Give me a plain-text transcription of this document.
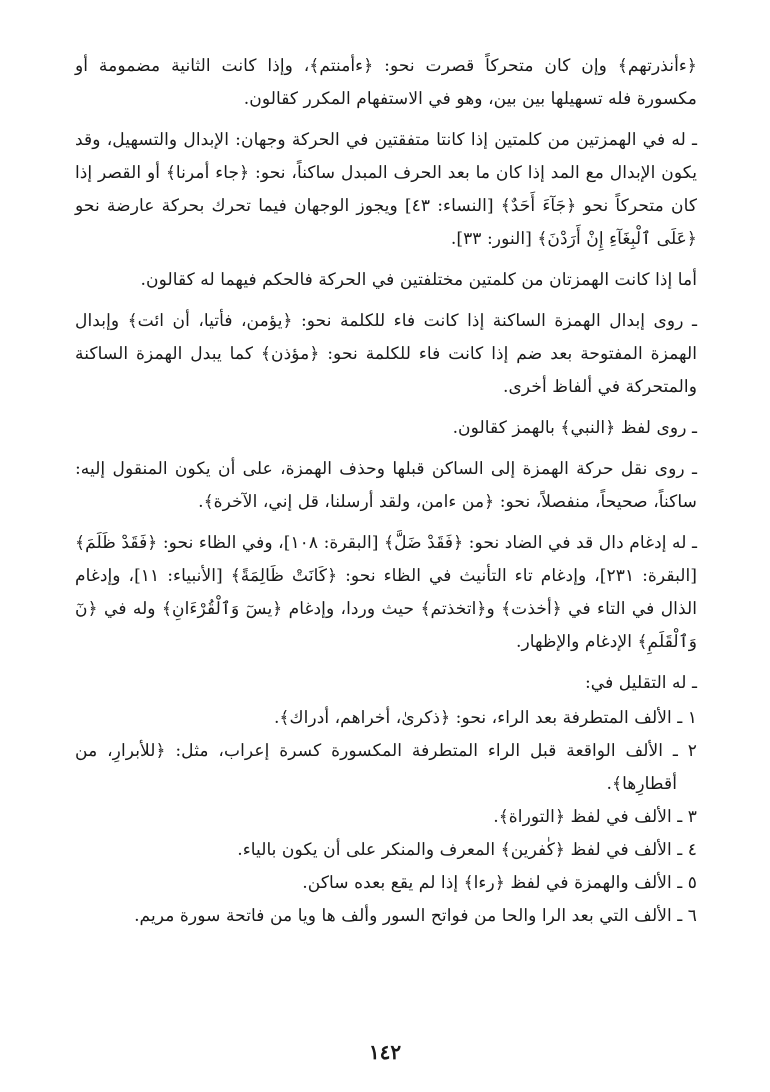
﴿ءأنذرتهم﴾ وإن كان متحركاً قصرت نحو: ﴿ءأمنتم﴾، وإذا كانت الثانية مضمومة أو مكسورة فله تسهيلها بين بين، وهو في الاستفهام المكرر كقالون.

ـ له في الهمزتين من كلمتين إذا كانتا متفقتين في الحركة وجهان: الإبدال والتسهيل، وقد يكون الإبدال مع المد إذا كان ما بعد الحرف المبدل ساكناً، نحو: ﴿جاء أمرنا﴾ أو القصر إذا كان متحركاً نحو ﴿جَآءَ أَحَدٌ﴾ [النساء: ٤٣] ويجوز الوجهان فيما تحرك بحركة عارضة نحو ﴿عَلَى ٱلْبِغَآءِ إِنْ أَرَدْنَ﴾ [النور: ٣٣].

أما إذا كانت الهمزتان من كلمتين مختلفتين في الحركة فالحكم فيهما له كقالون.

ـ روى إبدال الهمزة الساكنة إذا كانت فاء للكلمة نحو: ﴿يؤمن، فأتيا، أن ائت﴾ وإبدال الهمزة المفتوحة بعد ضم إذا كانت فاء للكلمة نحو: ﴿مؤذن﴾ كما يبدل الهمزة الساكنة والمتحركة في ألفاظ أخرى.

ـ روى لفظ ﴿النبي﴾ بالهمز كقالون.

ـ روى نقل حركة الهمزة إلى الساكن قبلها وحذف الهمزة، على أن يكون المنقول إليه: ساكناً، صحيحاً، منفصلاً، نحو: ﴿من ءامن، ولقد أرسلنا، قل إني، الآخرة﴾.

ـ له إدغام دال قد في الضاد نحو: ﴿فَقَدْ ضَلَّ﴾ [البقرة: ١٠٨]، وفي الظاء نحو: ﴿فَقَدْ ظَلَمَ﴾ [البقرة: ٢٣١]، وإدغام تاء التأنيث في الظاء نحو: ﴿كَانَتْ ظَالِمَةً﴾ [الأنبياء: ١١]، وإدغام الذال في التاء في ﴿أخذت﴾ و﴿اتخذتم﴾ حيث وردا، وإدغام ﴿يسٓ وَٱلْقُرْءَانِ﴾ وله في ﴿نٓ وَٱلْقَلَمِ﴾ الإدغام والإظهار.

ـ له التقليل في:

١ ـ الألف المتطرفة بعد الراء، نحو: ﴿ذكرىٰ، أخراهم، أدراك﴾.
٢ ـ الألف الواقعة قبل الراء المتطرفة المكسورة كسرة إعراب، مثل: ﴿للأبرارِ، من أقطارِها﴾.
٣ ـ الألف في لفظ ﴿التوراة﴾.
٤ ـ الألف في لفظ ﴿كٰفرين﴾ المعرف والمنكر على أن يكون بالياء.
٥ ـ الألف والهمزة في لفظ ﴿رءا﴾ إذا لم يقع بعده ساكن.
٦ ـ الألف التي بعد الرا والحا من فواتح السور وألف ها ويا من فاتحة سورة مريم.
١٤٢
